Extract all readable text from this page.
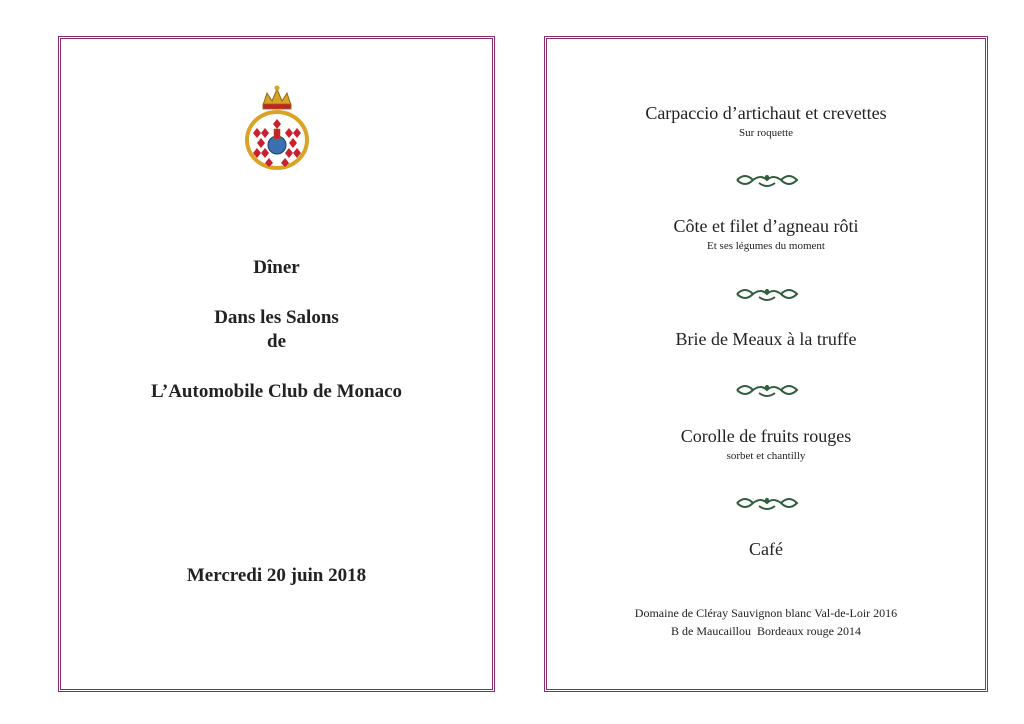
Dîner
Dans les Salons
de
L’Automobile Club de Monaco
Mercredi 20 juin 2018
Carpaccio d’artichaut et crevettes
Sur roquette
Côte et filet d’agneau rôti
Et ses légumes du moment
Brie de Meaux à la truffe
Corolle de fruits rouges
sorbet et chantilly
Café
Domaine de Cléray Sauvignon blanc Val-de-Loir 2016
B de Maucaillou  Bordeaux rouge 2014
